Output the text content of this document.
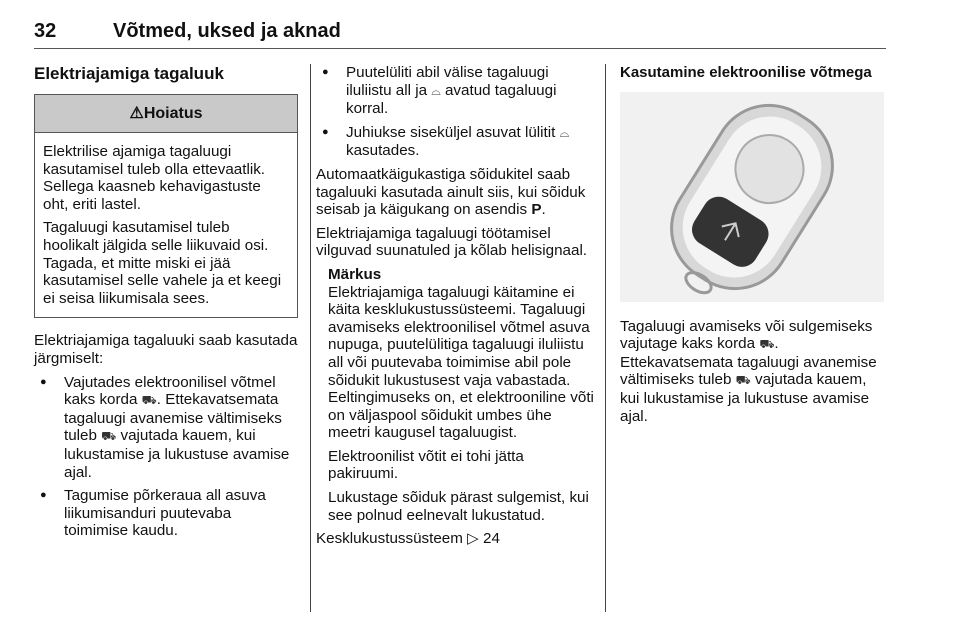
32	Võtmed, uksed ja aknad
Elektriajamiga tagaluuk
⚠Hoiatus

Elektrilise ajamiga tagaluugi kasutamisel tuleb olla ettevaatlik. Sellega kaasneb kehavigastuste oht, eriti lastel.

Tagaluugi kasutamisel tuleb hoolikalt jälgida selle liikuvaid osi. Tagada, et mitte miski ei jää kasutamisel selle vahele ja et keegi ei seisa liikumisala sees.

Elektriajamiga tagaluuki saab kasutada järgmiselt:

● Vajutades elektroonilisel võtmel kaks korda ⛟. Ettekavatsemata tagaluugi avanemise vältimiseks tuleb ⛟ vajutada kauem, kui lukustamise ja lukustuse avamise ajal.
● Tagumise põrkeraua all asuva liikumisanduri puutevaba toimimise kaudu.
● Puutelüliti abil välise tagaluugi iluliistu all ja ⌓ avatud tagaluugi korral.
● Juhiukse siseküljel asuvat lülitit ⌓ kasutades.

Automaatkäigukastiga sõidukitel saab tagaluuki kasutada ainult siis, kui sõiduk seisab ja käigukang on asendis P.

Elektriajamiga tagaluugi töötamisel vilguvad suunatuled ja kõlab helisignaal.

Märkus

Elektriajamiga tagaluugi käitamine ei käita kesklukustussüsteemi. Tagaluugi avamiseks elektroonilisel võtmel asuva nupuga, puutelülitiga tagaluugi iluliistu all või puutevaba toimimise abil pole sõidukit lukustusest vaja vabastada. Eeltingimuseks on, et elektrooniline võti on väljaspool sõidukit umbes ühe meetri kaugusel tagaluugist.

Elektroonilist võtit ei tohi jätta pakiruumi.

Lukustage sõiduk pärast sulgemist, kui see polnud eelnevalt lukustatud.

Kesklukustussüsteem ▷ 24

Kasutamine elektroonilise võtmega

Tagaluugi avamiseks või sulgemiseks vajutage kaks korda ⛟. Ettekavatsemata tagaluugi avanemise vältimiseks tuleb ⛟ vajutada kauem, kui lukustamise ja lukustuse avamise ajal.
